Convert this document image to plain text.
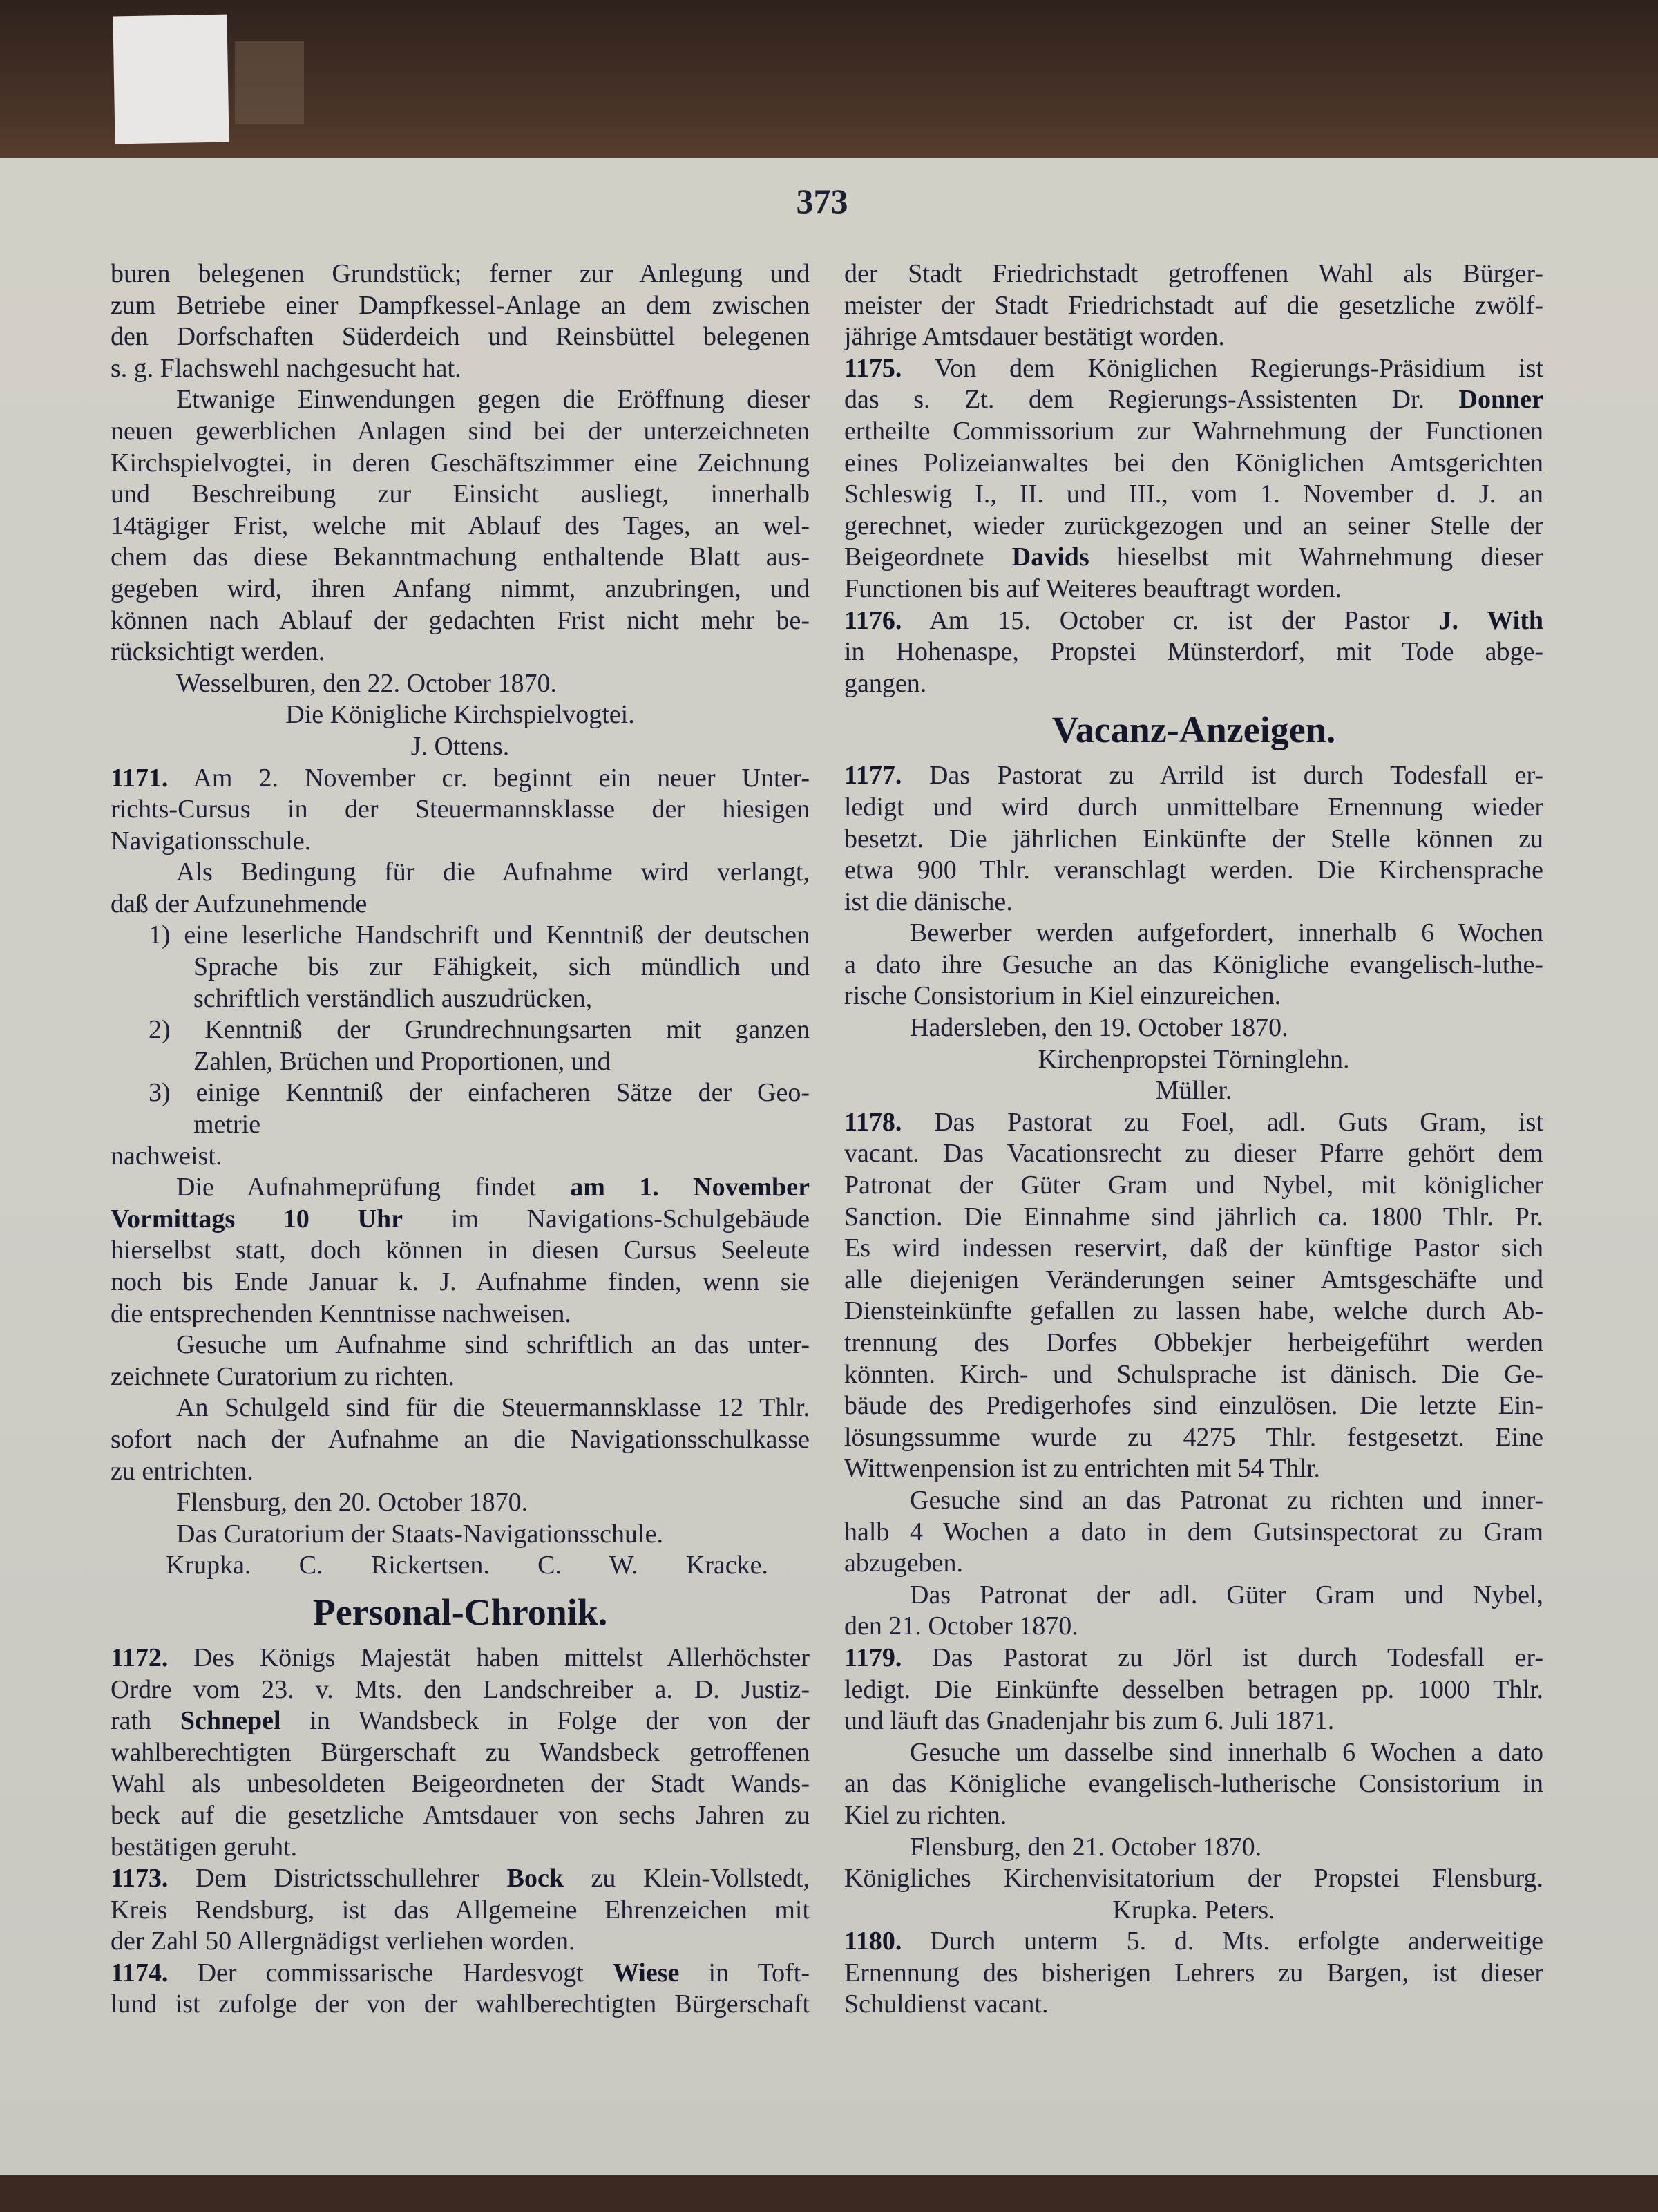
373
buren belegenen Grundstück; ferner zur Anlegung und
zum Betriebe einer Dampfkessel-Anlage an dem zwischen
den Dorfschaften Süderdeich und Reinsbüttel belegenen
s. g. Flachswehl nachgesucht hat.
Etwanige Einwendungen gegen die Eröffnung dieser
neuen gewerblichen Anlagen sind bei der unterzeichneten
Kirchspielvogtei, in deren Geschäftszimmer eine Zeichnung
und Beschreibung zur Einsicht ausliegt, innerhalb
14tägiger Frist, welche mit Ablauf des Tages, an wel-
chem das diese Bekanntmachung enthaltende Blatt aus-
gegeben wird, ihren Anfang nimmt, anzubringen, und
können nach Ablauf der gedachten Frist nicht mehr be-
rücksichtigt werden.
Wesselburen, den 22. October 1870.
Die Königliche Kirchspielvogtei.
J. Ottens.
1171. Am 2. November cr. beginnt ein neuer Unter-
richts-Cursus in der Steuermannsklasse der hiesigen
Navigationsschule.
Als Bedingung für die Aufnahme wird verlangt,
daß der Aufzunehmende
1) eine leserliche Handschrift und Kenntniß der deutschen
Sprache bis zur Fähigkeit, sich mündlich und
schriftlich verständlich auszudrücken,
2) Kenntniß der Grundrechnungsarten mit ganzen
Zahlen, Brüchen und Proportionen, und
3) einige Kenntniß der einfacheren Sätze der Geo-
metrie
nachweist.
Die Aufnahmeprüfung findet am 1. November
Vormittags 10 Uhr im Navigations-Schulgebäude
hierselbst statt, doch können in diesen Cursus Seeleute
noch bis Ende Januar k. J. Aufnahme finden, wenn sie
die entsprechenden Kenntnisse nachweisen.
Gesuche um Aufnahme sind schriftlich an das unter-
zeichnete Curatorium zu richten.
An Schulgeld sind für die Steuermannsklasse 12 Thlr.
sofort nach der Aufnahme an die Navigationsschulkasse
zu entrichten.
Flensburg, den 20. October 1870.
Das Curatorium der Staats-Navigationsschule.
Krupka. C. Rickertsen. C. W. Kracke.
Personal-Chronik.
1172. Des Königs Majestät haben mittelst Allerhöchster
Ordre vom 23. v. Mts. den Landschreiber a. D. Justiz-
rath Schnepel in Wandsbeck in Folge der von der
wahlberechtigten Bürgerschaft zu Wandsbeck getroffenen
Wahl als unbesoldeten Beigeordneten der Stadt Wands-
beck auf die gesetzliche Amtsdauer von sechs Jahren zu
bestätigen geruht.
1173. Dem Districtsschullehrer Bock zu Klein-Vollstedt,
Kreis Rendsburg, ist das Allgemeine Ehrenzeichen mit
der Zahl 50 Allergnädigst verliehen worden.
1174. Der commissarische Hardesvogt Wiese in Toft-
lund ist zufolge der von der wahlberechtigten Bürgerschaft
der Stadt Friedrichstadt getroffenen Wahl als Bürger-
meister der Stadt Friedrichstadt auf die gesetzliche zwölf-
jährige Amtsdauer bestätigt worden.
1175. Von dem Königlichen Regierungs-Präsidium ist
das s. Zt. dem Regierungs-Assistenten Dr. Donner
ertheilte Commissorium zur Wahrnehmung der Functionen
eines Polizeianwaltes bei den Königlichen Amtsgerichten
Schleswig I., II. und III., vom 1. November d. J. an
gerechnet, wieder zurückgezogen und an seiner Stelle der
Beigeordnete Davids hieselbst mit Wahrnehmung dieser
Functionen bis auf Weiteres beauftragt worden.
1176. Am 15. October cr. ist der Pastor J. With
in Hohenaspe, Propstei Münsterdorf, mit Tode abge-
gangen.
Vacanz-Anzeigen.
1177. Das Pastorat zu Arrild ist durch Todesfall er-
ledigt und wird durch unmittelbare Ernennung wieder
besetzt. Die jährlichen Einkünfte der Stelle können zu
etwa 900 Thlr. veranschlagt werden. Die Kirchensprache
ist die dänische.
Bewerber werden aufgefordert, innerhalb 6 Wochen
a dato ihre Gesuche an das Königliche evangelisch-luthe-
rische Consistorium in Kiel einzureichen.
Hadersleben, den 19. October 1870.
Kirchenpropstei Törninglehn.
Müller.
1178. Das Pastorat zu Foel, adl. Guts Gram, ist
vacant. Das Vacationsrecht zu dieser Pfarre gehört dem
Patronat der Güter Gram und Nybel, mit königlicher
Sanction. Die Einnahme sind jährlich ca. 1800 Thlr. Pr.
Es wird indessen reservirt, daß der künftige Pastor sich
alle diejenigen Veränderungen seiner Amtsgeschäfte und
Diensteinkünfte gefallen zu lassen habe, welche durch Ab-
trennung des Dorfes Obbekjer herbeigeführt werden
könnten. Kirch- und Schulsprache ist dänisch. Die Ge-
bäude des Predigerhofes sind einzulösen. Die letzte Ein-
lösungssumme wurde zu 4275 Thlr. festgesetzt. Eine
Wittwenpension ist zu entrichten mit 54 Thlr.
Gesuche sind an das Patronat zu richten und inner-
halb 4 Wochen a dato in dem Gutsinspectorat zu Gram
abzugeben.
Das Patronat der adl. Güter Gram und Nybel,
den 21. October 1870.
1179. Das Pastorat zu Jörl ist durch Todesfall er-
ledigt. Die Einkünfte desselben betragen pp. 1000 Thlr.
und läuft das Gnadenjahr bis zum 6. Juli 1871.
Gesuche um dasselbe sind innerhalb 6 Wochen a dato
an das Königliche evangelisch-lutherische Consistorium in
Kiel zu richten.
Flensburg, den 21. October 1870.
Königliches Kirchenvisitatorium der Propstei Flensburg.
Krupka. Peters.
1180. Durch unterm 5. d. Mts. erfolgte anderweitige
Ernennung des bisherigen Lehrers zu Bargen, ist dieser
Schuldienst vacant.
